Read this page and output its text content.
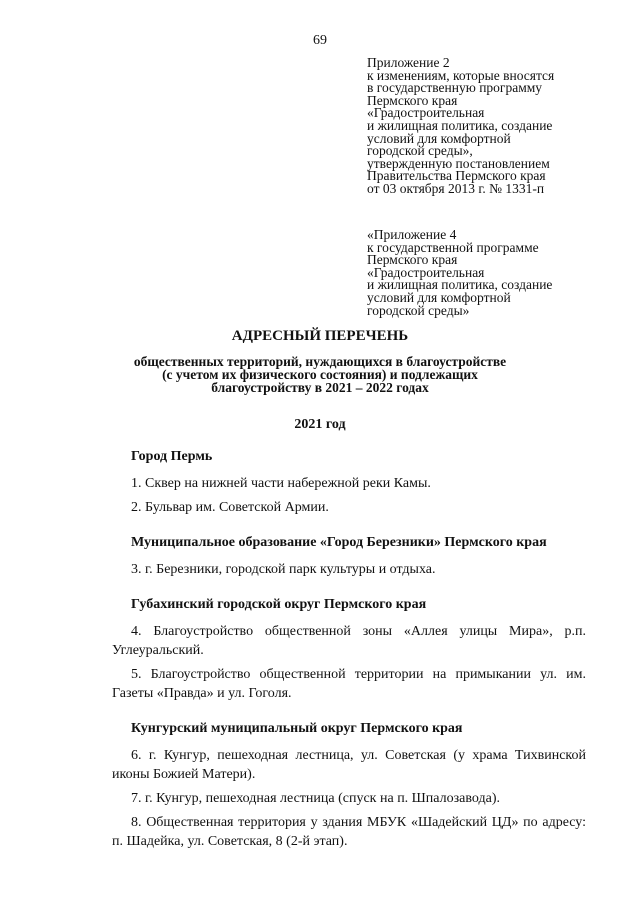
69
Приложение 2
к изменениям, которые вносятся
в государственную программу
Пермского края
«Градостроительная
и жилищная политика, создание
условий для комфортной
городской среды»,
утвержденную постановлением
Правительства Пермского края
от 03 октября 2013 г. № 1331-п
«Приложение 4
к государственной программе
Пермского края
«Градостроительная
и жилищная политика, создание
условий для комфортной
городской среды»
АДРЕСНЫЙ ПЕРЕЧЕНЬ
общественных территорий, нуждающихся в благоустройстве
(с учетом их физического состояния) и подлежащих
благоустройству в 2021 – 2022 годах
2021 год

Город Пермь

1. Сквер на нижней части набережной реки Камы.

2. Бульвар им. Советской Армии.

Муниципальное образование «Город Березники» Пермского края

3. г. Березники, городской парк культуры и отдыха.

Губахинский городской округ Пермского края

4. Благоустройство общественной зоны «Аллея улицы Мира», р.п. Углеуральский.

5. Благоустройство общественной территории на примыкании ул. им. Газеты «Правда» и ул. Гоголя.

Кунгурский муниципальный округ Пермского края

6. г. Кунгур, пешеходная лестница, ул. Советская (у храма Тихвинской иконы Божией Матери).

7. г. Кунгур, пешеходная лестница (спуск на п. Шпалозавода).

8. Общественная территория у здания МБУК «Шадейский ЦД» по адресу: п. Шадейка, ул. Советская, 8 (2-й этап).
